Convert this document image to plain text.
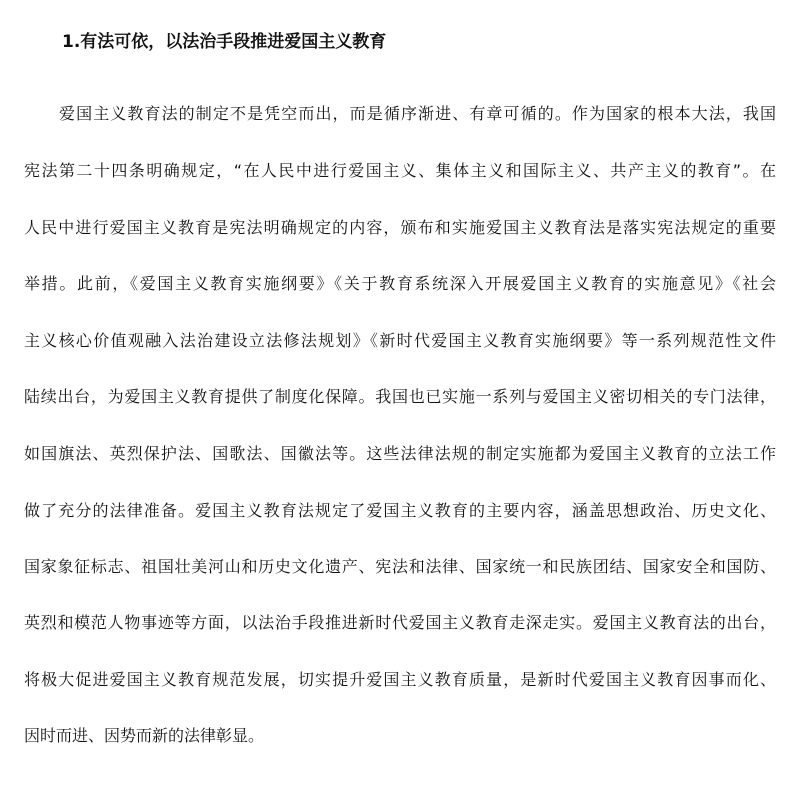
1.有法可依，以法治手段推进爱国主义教育
爱国主义教育法的制定不是凭空而出，而是循序渐进、有章可循的。作为国家的根本大法，我国
宪法第二十四条明确规定，“在人民中进行爱国主义、集体主义和国际主义、共产主义的教育”。在
人民中进行爱国主义教育是宪法明确规定的内容，颁布和实施爱国主义教育法是落实宪法规定的重要
举措。此前，《爱国主义教育实施纲要》《关于教育系统深入开展爱国主义教育的实施意见》《社会
主义核心价值观融入法治建设立法修法规划》《新时代爱国主义教育实施纲要》等一系列规范性文件
陆续出台，为爱国主义教育提供了制度化保障。我国也已实施一系列与爱国主义密切相关的专门法律，
如国旗法、英烈保护法、国歌法、国徽法等。这些法律法规的制定实施都为爱国主义教育的立法工作
做了充分的法律准备。爱国主义教育法规定了爱国主义教育的主要内容，涵盖思想政治、历史文化、
国家象征标志、祖国壮美河山和历史文化遗产、宪法和法律、国家统一和民族团结、国家安全和国防、
英烈和模范人物事迹等方面，以法治手段推进新时代爱国主义教育走深走实。爱国主义教育法的出台，
将极大促进爱国主义教育规范发展，切实提升爱国主义教育质量，是新时代爱国主义教育因事而化、
因时而进、因势而新的法律彰显。
